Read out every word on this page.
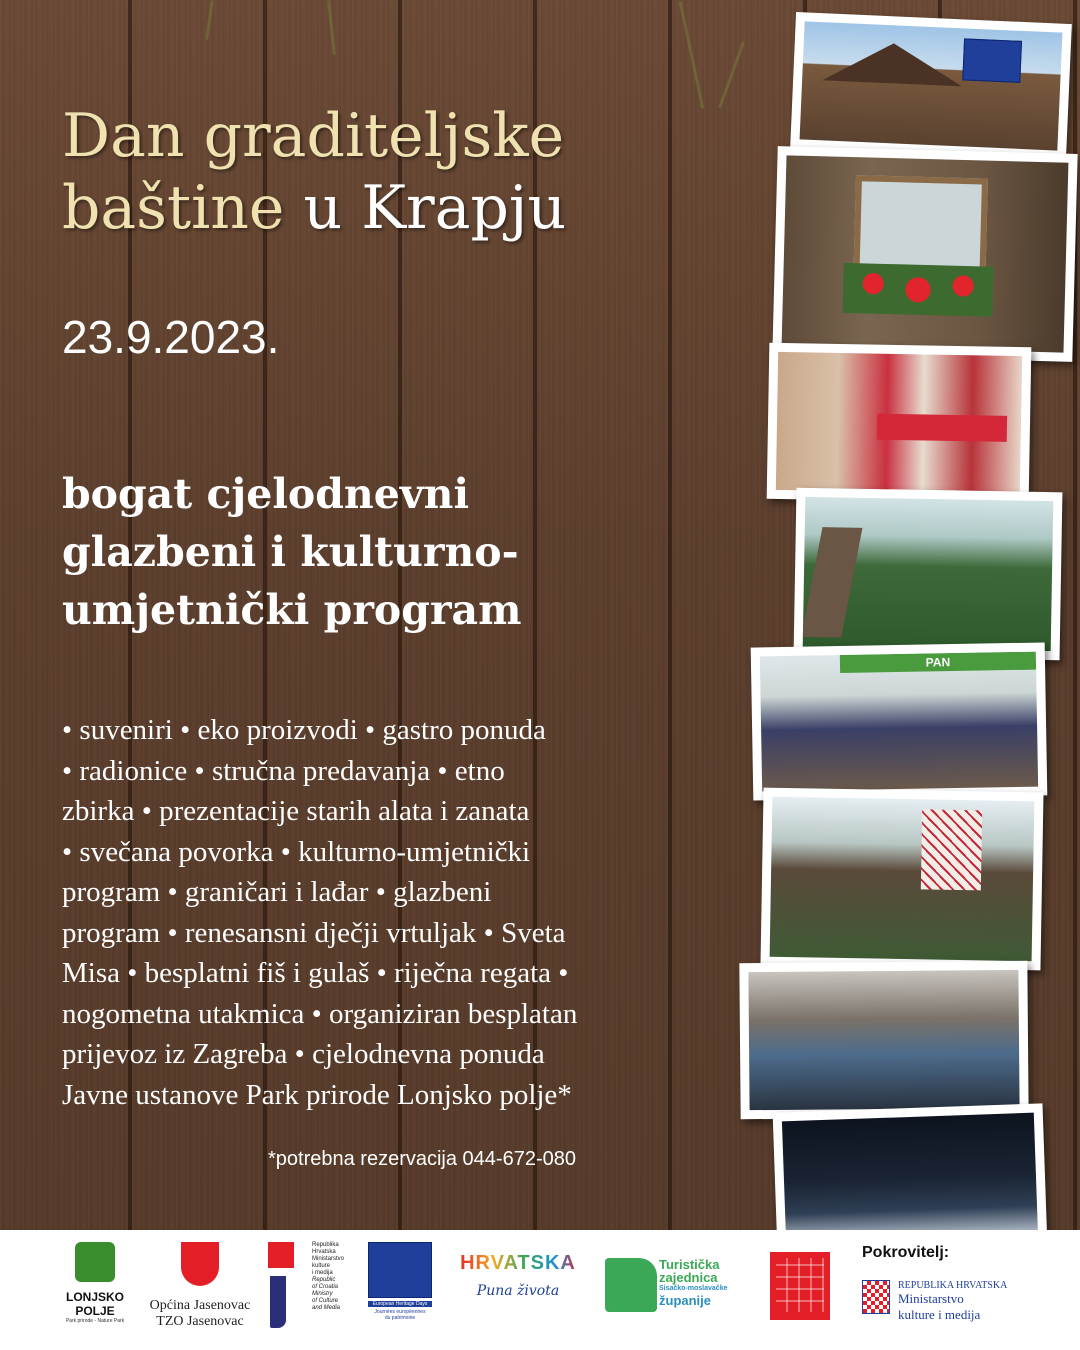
Dan graditeljske
baštine u Krapju
23.9.2023.
bogat cjelodnevni
glazbeni i kulturno-
umjetnički program
• suveniri • eko proizvodi • gastro ponuda
• radionice • stručna predavanja • etno
zbirka • prezentacije starih alata i zanata
• svečana povorka • kulturno-umjetnički
program • graničari i lađar • glazbeni
program • renesansni dječji vrtuljak • Sveta
Misa • besplatni fiš i gulaš • riječna regata •
nogometna utakmica • organiziran besplatan
prijevoz iz Zagreba • cjelodnevna ponuda
Javne ustanove Park prirode Lonjsko polje*
*potrebna rezervacija 044-672-080
PAN
LONJSKO
POLJE
Park prirode - Nature Park
Općina Jasenovac
TZO Jasenovac
Republika
Hrvatska
Ministarstvo
kulture
i medija
Republic
of Croatia
Ministry
of Culture
and Media
European Heritage Days
Journées européennes
du patrimoine
HRVATSKA
Puna života
Turistička
zajednica
Sisačko-moslavačke
županije
Pokrovitelj:
REPUBLIKA HRVATSKA
Ministarstvo
kulture i medija
